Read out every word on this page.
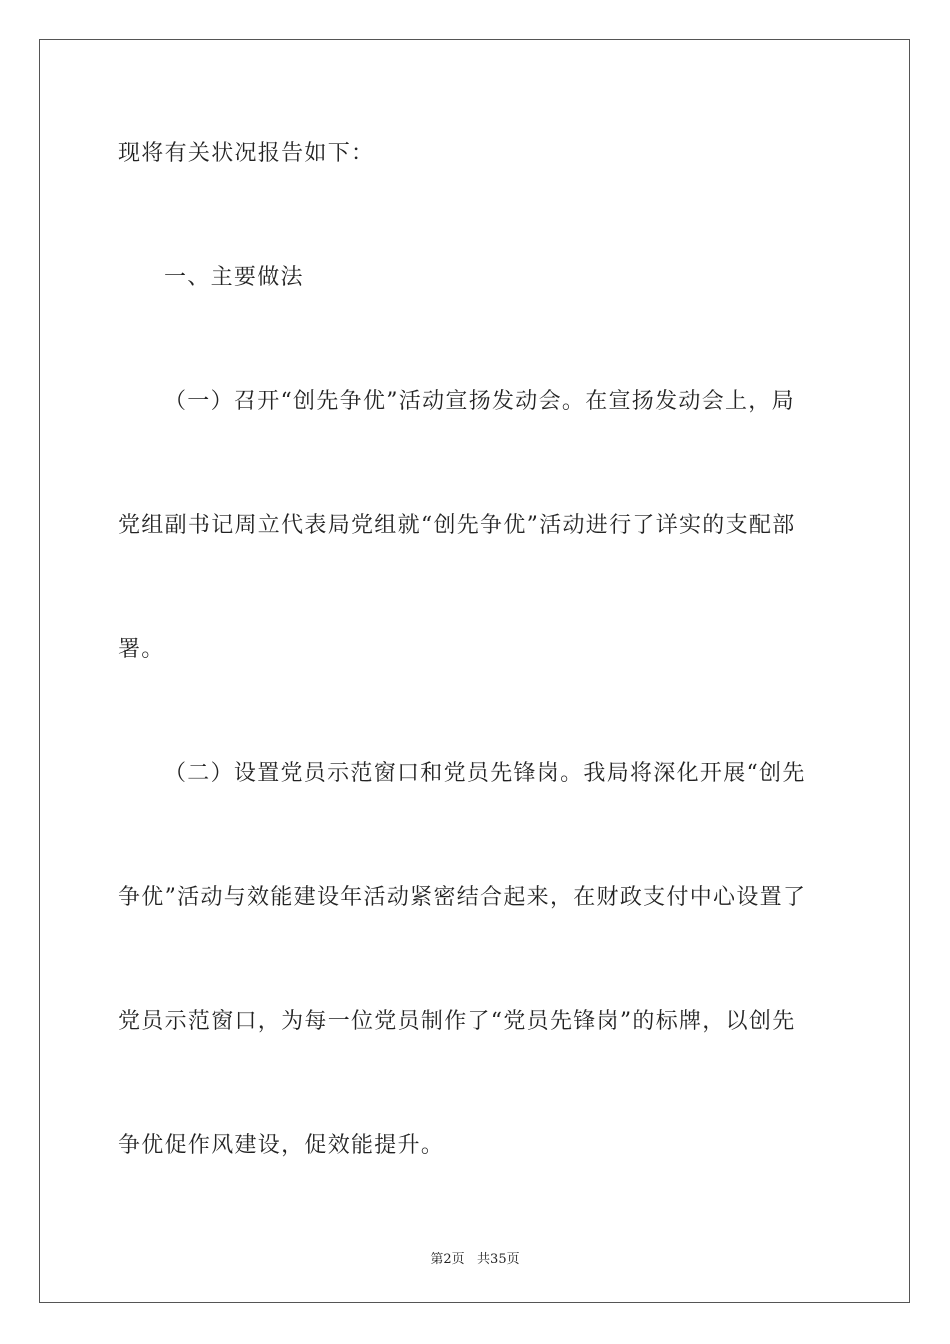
现将有关状况报告如下：

一、主要做法

（一）召开“创先争优”活动宣扬发动会。在宣扬发动会上，局

党组副书记周立代表局党组就“创先争优”活动进行了详实的支配部

署。

（二）设置党员示范窗口和党员先锋岗。我局将深化开展“创先

争优”活动与效能建设年活动紧密结合起来，在财政支付中心设置了

党员示范窗口，为每一位党员制作了“党员先锋岗”的标牌，以创先

争优促作风建设，促效能提升。

第2页   共35页
